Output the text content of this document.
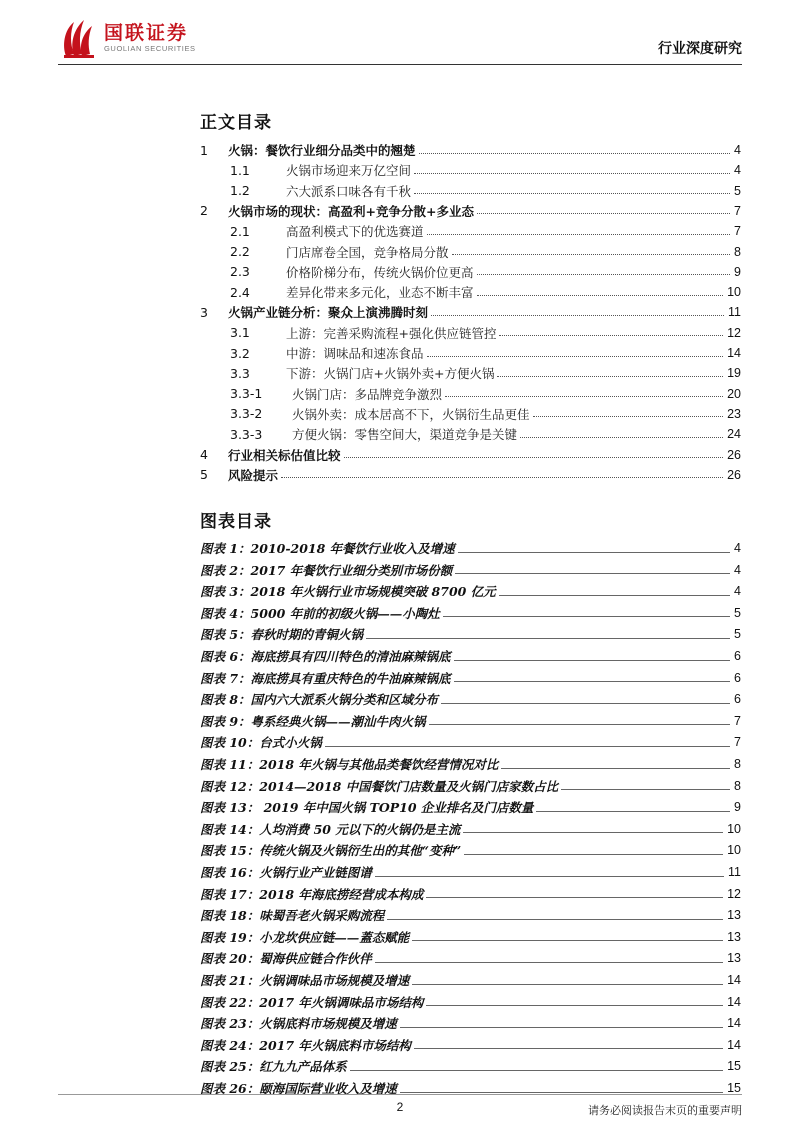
国联证券
GUOLIAN SECURITIES	行业深度研究
正文目录
1 火锅：餐饮行业细分品类中的翘楚	4
1.1	火锅市场迎来万亿空间	4
1.2	六大派系口味各有千秋	5
2 火锅市场的现状：高盈利+竞争分散+多业态	7
2.1	高盈利模式下的优选赛道	7
2.2	门店席卷全国，竞争格局分散	8
2.3	价格阶梯分布，传统火锅价位更高	9
2.4	差异化带来多元化，业态不断丰富	10
3 火锅产业链分析：聚众上演沸腾时刻	11
3.1	上游：完善采购流程+强化供应链管控	12
3.2	中游：调味品和速冻食品	14
3.3	下游：火锅门店+火锅外卖+方便火锅	19
3.3-1 火锅门店：多品牌竞争激烈	20
3.3-2 火锅外卖：成本居高不下，火锅衍生品更佳	23
3.3-3 方便火锅：零售空间大，渠道竞争是关键	24
4 行业相关标估值比较	26
5 风险提示	26
图表目录
图表 1：2010-2018 年餐饮行业收入及增速	4
图表 2：2017 年餐饮行业细分类别市场份额	4
图表 3：2018 年火锅行业市场规模突破 8700 亿元	4
图表 4：5000 年前的初级火锅——小陶灶	5
图表 5：春秋时期的青铜火锅	5
图表 6：海底捞具有四川特色的清油麻辣锅底	6
图表 7：海底捞具有重庆特色的牛油麻辣锅底	6
图表 8：国内六大派系火锅分类和区域分布	6
图表 9：粤系经典火锅——潮汕牛肉火锅	7
图表 10：台式小火锅	7
图表 11：2018 年火锅与其他品类餐饮经营情况对比	8
图表 12：2014—2018 中国餐饮门店数量及火锅门店家数占比	8
图表 13： 2019 年中国火锅 TOP10 企业排名及门店数量	9
图表 14：人均消费 50 元以下的火锅仍是主流	10
图表 15：传统火锅及火锅衍生出的其他“变种”	10
图表 16：火锅行业产业链图谱	11
图表 17：2018 年海底捞经营成本构成	12
图表 18：味蜀吾老火锅采购流程	13
图表 19：小龙坎供应链——蓋态赋能	13
图表 20：蜀海供应链合作伙伴	13
图表 21：火锅调味品市场规模及增速	14
图表 22：2017 年火锅调味品市场结构	14
图表 23：火锅底料市场规模及增速	14
图表 24：2017 年火锅底料市场结构	14
图表 25：红九九产品体系	15
图表 26：颐海国际营业收入及增速	15
2	请务必阅读报告末页的重要声明
